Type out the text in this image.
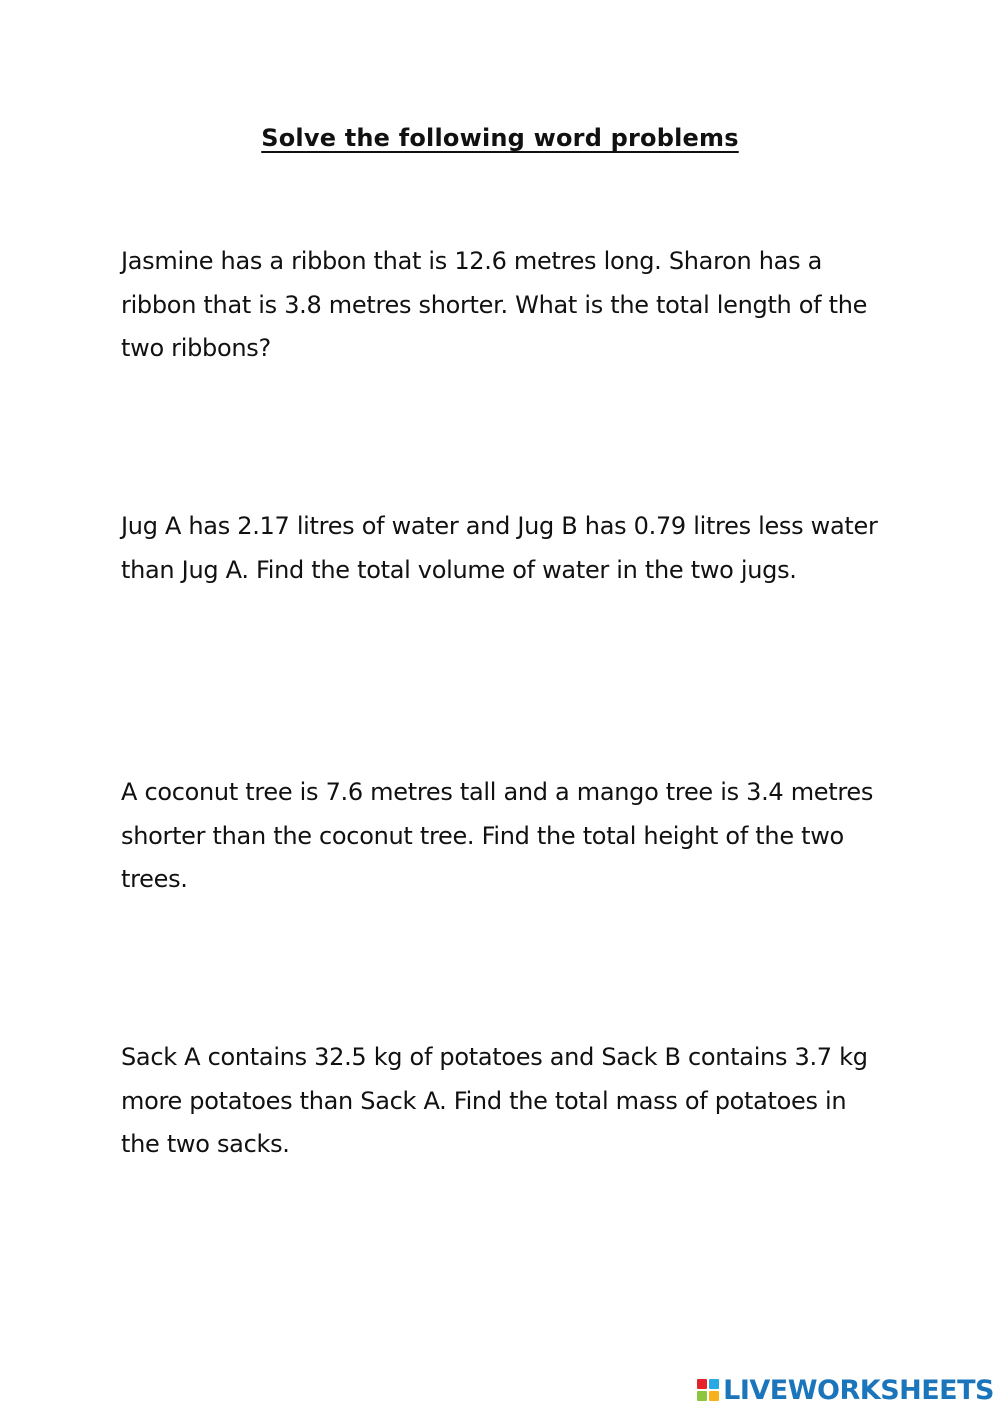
Solve the following word problems
Jasmine has a ribbon that is 12.6 metres long. Sharon has a ribbon that is 3.8 metres shorter. What is the total length of the two ribbons?
Jug A has 2.17 litres of water and Jug B has 0.79 litres less water than Jug A. Find the total volume of water in the two jugs.
A coconut tree is 7.6 metres tall and a mango tree is 3.4 metres shorter than the coconut tree. Find the total height of the two trees.
Sack A contains 32.5 kg of potatoes and Sack B contains 3.7 kg more potatoes than Sack A. Find the total mass of potatoes in the two sacks.
LIVEWORKSHEETS
